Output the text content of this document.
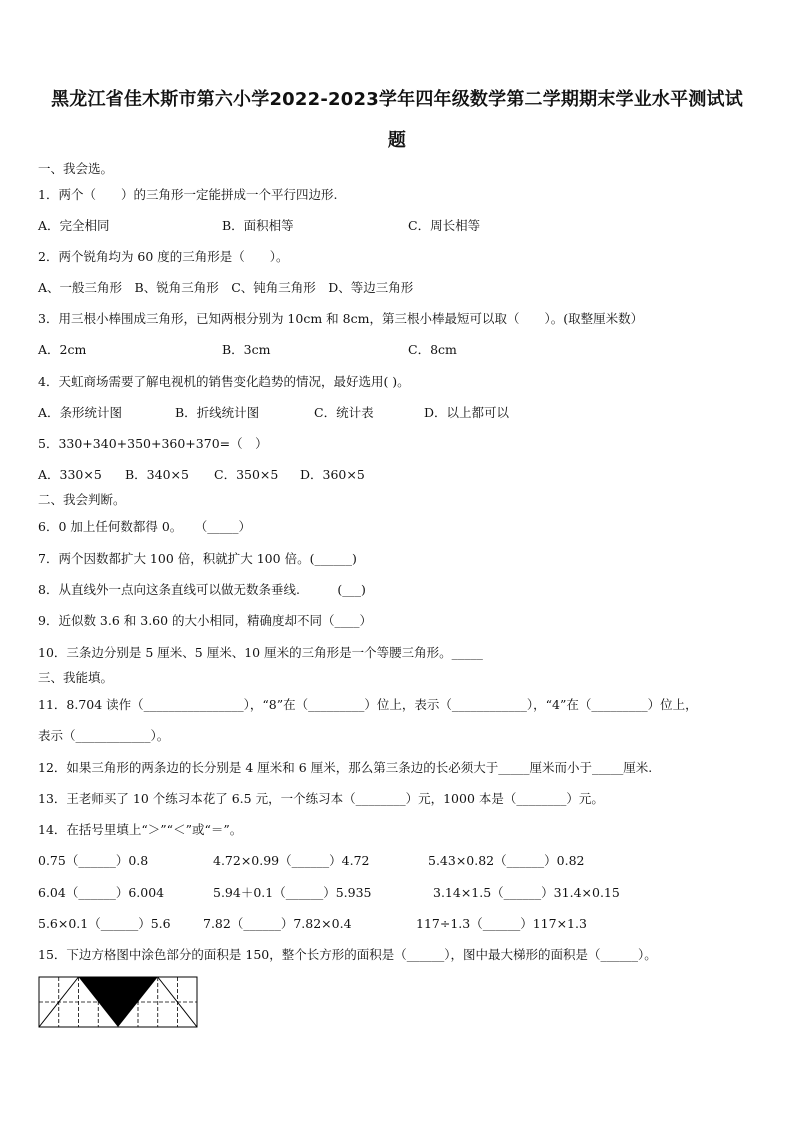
黑龙江省佳木斯市第六小学2022-2023学年四年级数学第二学期期末学业水平测试试
题
一、我会选。
1．两个（　　）的三角形一定能拼成一个平行四边形.
A．完全相同	B．面积相等	C．周长相等
2．两个锐角均为 60 度的三角形是（　　）。
A、一般三角形　B、锐角三角形　C、钝角三角形　D、等边三角形
3．用三根小棒围成三角形，已知两根分别为 10cm 和 8cm，第三根小棒最短可以取（　　）。(取整厘米数）
A．2cm	B．3cm	C．8cm
4．天虹商场需要了解电视机的销售变化趋势的情况，最好选用( )。
A．条形统计图	B．折线统计图	C．统计表	D．以上都可以
5．330+340+350+360+370=（　）
A．330×5 B．340×5 C．350×5 D．360×5
二、我会判断。
6．0 加上任何数都得 0。　　（_____）
7．两个因数都扩大 100 倍，积就扩大 100 倍。(______)
8．从直线外一点向这条直线可以做无数条垂线.　　　(___)
9．近似数 3.6 和 3.60 的大小相同，精确度却不同（____）
10．三条边分别是 5 厘米、5 厘米、10 厘米的三角形是一个等腰三角形。_____
三、我能填。
11．8.704 读作（________________），“8”在（_________）位上，表示（____________），“4”在（_________）位上，
表示（____________）。
12．如果三角形的两条边的长分别是 4 厘米和 6 厘米，那么第三条边的长必须大于_____厘米而小于_____厘米.
13．王老师买了 10 个练习本花了 6.5 元，一个练习本（________）元，1000 本是（________）元。
14．在括号里填上“＞”“＜”或“＝”。
0.75（______）0.8	4.72×0.99（______）4.72	5.43×0.82（______）0.82
6.04（______）6.004	5.94＋0.1（______）5.935	3.14×1.5（______）31.4×0.15
5.6×0.1（______）5.6	7.82（______）7.82×0.4	117÷1.3（______）117×1.3
15．下边方格图中涂色部分的面积是 150，整个长方形的面积是（______），图中最大梯形的面积是（______）。
